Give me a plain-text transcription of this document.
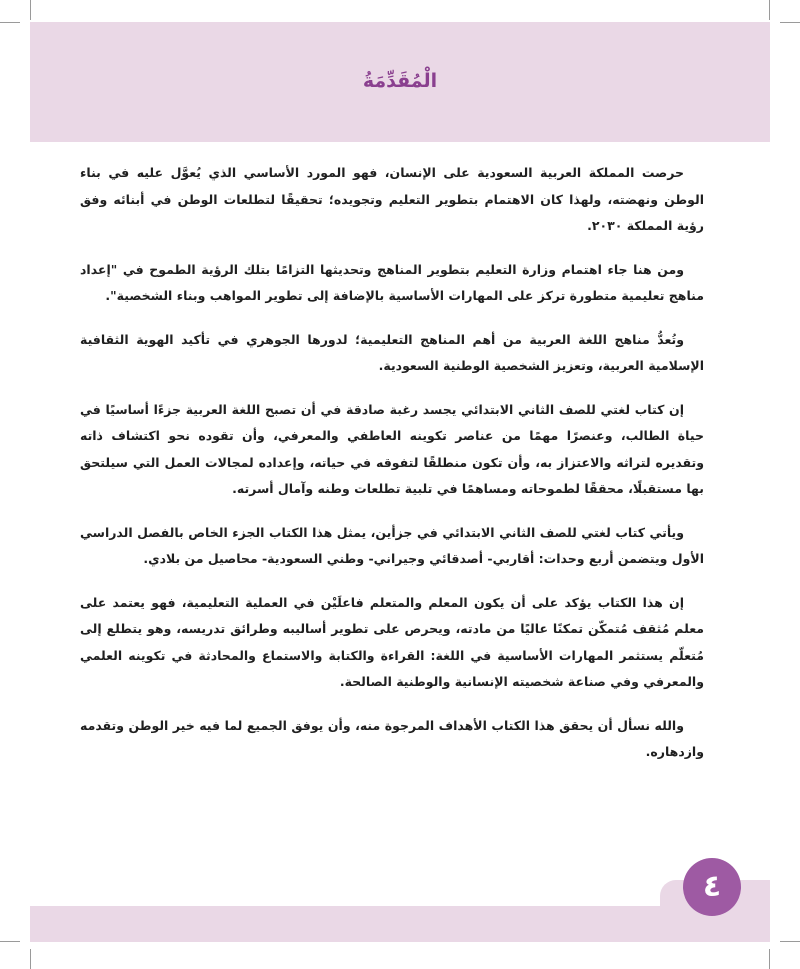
الْمُقَدِّمَةُ

حرصت المملكة العربية السعودية على الإنسان، فهو المورد الأساسي الذي يُعوَّل عليه في بناء الوطن ونهضته، ولهذا كان الاهتمام بتطوير التعليم وتجويده؛ تحقيقًا لتطلعات الوطن في أبنائه وفق رؤية المملكة ٢٠٣٠.

ومن هنا جاء اهتمام وزارة التعليم بتطوير المناهج وتحديثها التزامًا بتلك الرؤية الطموح في "إعداد مناهج تعليمية متطورة تركز على المهارات الأساسية بالإضافة إلى تطوير المواهب وبناء الشخصية".

وتُعدُّ مناهج اللغة العربية من أهم المناهج التعليمية؛ لدورها الجوهري في تأكيد الهوية الثقافية الإسلامية العربية، وتعزيز الشخصية الوطنية السعودية.

إن كتاب لغتي للصف الثاني الابتدائي يجسد رغبة صادقة في أن تصبح اللغة العربية جزءًا أساسيًا في حياة الطالب، وعنصرًا مهمًا من عناصر تكوينه العاطفي والمعرفي، وأن تقوده نحو اكتشاف ذاته وتقديره لتراثه والاعتزاز به، وأن تكون منطلقًا لتفوقه في حياته، وإعداده لمجالات العمل التي سيلتحق بها مستقبلًا، محققًا لطموحاته ومساهمًا في تلبية تطلعات وطنه وآمال أسرته.

ويأتي كتاب لغتي للصف الثاني الابتدائي في جزأين، يمثل هذا الكتاب الجزء الخاص بالفصل الدراسي الأول ويتضمن أربع وحدات: أقاربي- أصدقائي وجيراني- وطني السعودية- محاصيل من بلادي.

إن هذا الكتاب يؤكد على أن يكون المعلم والمتعلم فاعلَيْن في العملية التعليمية، فهو يعتمد على معلم مُثقف مُتمكّن تمكنًا عاليًا من مادته، ويحرص على تطوير أساليبه وطرائق تدريسه، وهو يتطلع إلى مُتعلّم يستثمر المهارات الأساسية في اللغة: القراءة والكتابة والاستماع والمحادثة في تكوينه العلمي والمعرفي وفي صناعة شخصيته الإنسانية والوطنية الصالحة.

والله نسأل أن يحقق هذا الكتاب الأهداف المرجوة منه، وأن يوفق الجميع لما فيه خير الوطن وتقدمه وازدهاره.

٤
